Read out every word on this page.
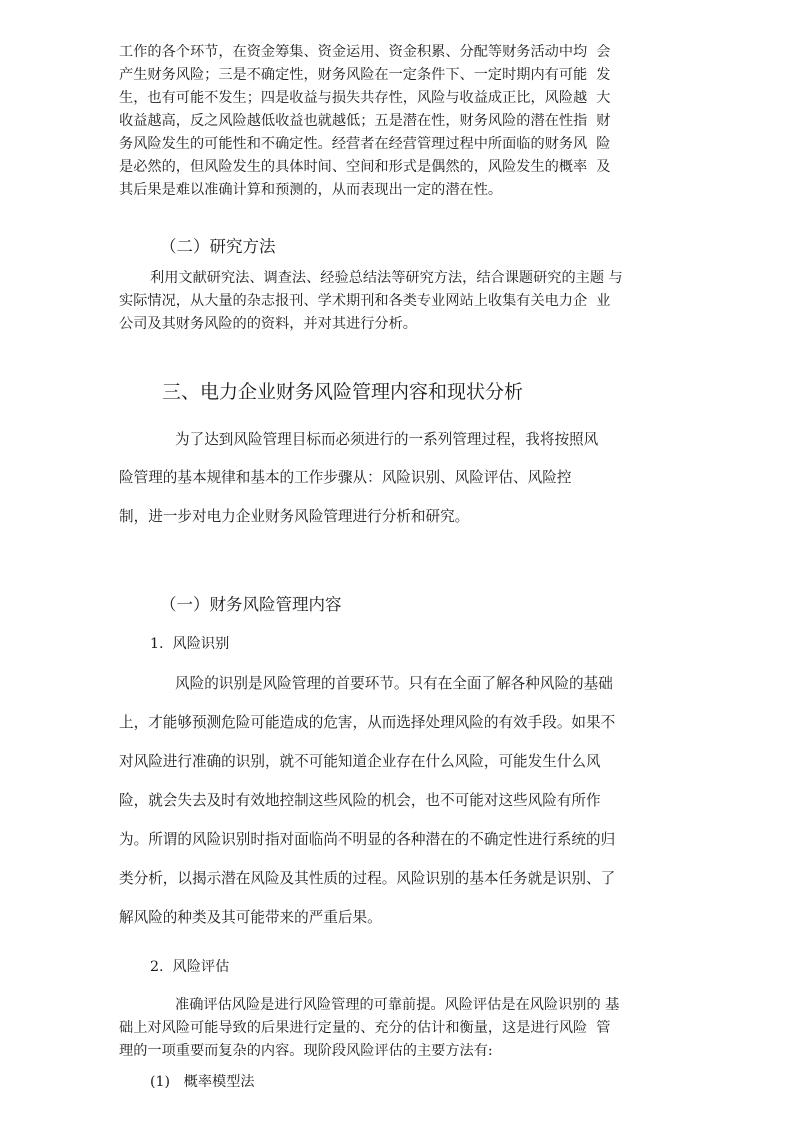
工作的各个环节，在资金筹集、资金运用、资金积累、分配等财务活动中均  会
产生财务风险；三是不确定性，财务风险在一定条件下、一定时期内有可能  发
生，也有可能不发生；四是收益与损失共存性，风险与收益成正比，风险越  大
收益越高，反之风险越低收益也就越低；五是潜在性，财务风险的潜在性指  财
务风险发生的可能性和不确定性。经营者在经营管理过程中所面临的财务风  险
是必然的，但风险发生的具体时间、空间和形式是偶然的，风险发生的概率  及
其后果是难以准确计算和预测的，从而表现出一定的潜在性。
（二）研究方法
利用文献研究法、调查法、经验总结法等研究方法，结合课题研究的主题 与
实际情况，从大量的杂志报刊、学术期刊和各类专业网站上收集有关电力企  业
公司及其财务风险的的资料，并对其进行分析。
三、电力企业财务风险管理内容和现状分析
为了达到风险管理目标而必须进行的一系列管理过程，我将按照风
险管理的基本规律和基本的工作步骤从：风险识别、风险评估、风险控
制，进一步对电力企业财务风险管理进行分析和研究。
（一）财务风险管理内容
1.  风险识别
风险的识别是风险管理的首要环节。只有在全面了解各种风险的基础
上，才能够预测危险可能造成的危害，从而选择处理风险的有效手段。如果不
对风险进行准确的识别，就不可能知道企业存在什么风险，可能发生什么风
险，就会失去及时有效地控制这些风险的机会，也不可能对这些风险有所作
为。所谓的风险识别时指对面临尚不明显的各种潜在的不确定性进行系统的归
类分析，以揭示潜在风险及其性质的过程。风险识别的基本任务就是识别、了
解风险的种类及其可能带来的严重后果。
2.  风险评估
准确评估风险是进行风险管理的可靠前提。风险评估是在风险识别的 基
础上对风险可能导致的后果进行定量的、充分的估计和衡量，这是进行风险  管
理的一项重要而复杂的内容。现阶段风险评估的主要方法有:
(1)   概率模型法
